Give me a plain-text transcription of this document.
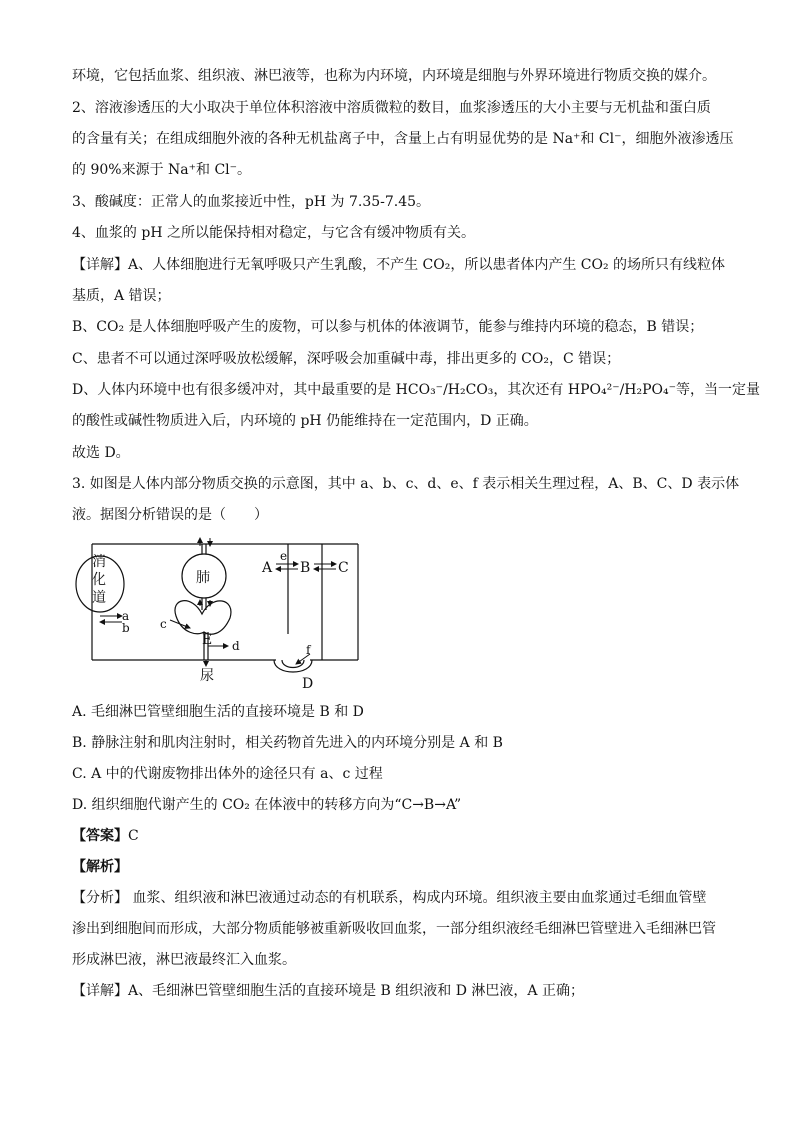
环境，它包括血浆、组织液、淋巴液等，也称为内环境，内环境是细胞与外界环境进行物质交换的媒介。
2、溶液渗透压的大小取决于单位体积溶液中溶质微粒的数目，血浆渗透压的大小主要与无机盐和蛋白质
的含量有关；在组成细胞外液的各种无机盐离子中，含量上占有明显优势的是 Na⁺和 Cl⁻，细胞外液渗透压
的 90%来源于 Na⁺和 Cl⁻。
3、酸碱度：正常人的血浆接近中性，pH 为 7.35-7.45。
4、血浆的 pH 之所以能保持相对稳定，与它含有缓冲物质有关。
【详解】A、人体细胞进行无氧呼吸只产生乳酸，不产生 CO₂，所以患者体内产生 CO₂ 的场所只有线粒体
基质，A 错误；
B、CO₂ 是人体细胞呼吸产生的废物，可以参与机体的体液调节，能参与维持内环境的稳态，B 错误；
C、患者不可以通过深呼吸放松缓解，深呼吸会加重碱中毒，排出更多的 CO₂，C 错误；
D、人体内环境中也有很多缓冲对，其中最重要的是 HCO₃⁻/H₂CO₃，其次还有 HPO₄²⁻/H₂PO₄⁻等，当一定量
的酸性或碱性物质进入后，内环境的 pH 仍能维持在一定范围内，D 正确。
故选 D。
3. 如图是人体内部分物质交换的示意图，其中 a、b、c、d、e、f 表示相关生理过程，A、B、C、D 表示体
液。据图分析错误的是（　　）
消
化
道
肺
E
尿
A B C
D
a
b	c
d
e
f
A. 毛细淋巴管壁细胞生活的直接环境是 B 和 D
B. 静脉注射和肌肉注射时，相关药物首先进入的内环境分别是 A 和 B
C. A 中的代谢废物排出体外的途径只有 a、c 过程
D. 组织细胞代谢产生的 CO₂ 在体液中的转移方向为“C→B→A”
【答案】C
【解析】
【分析】 血浆、组织液和淋巴液通过动态的有机联系，构成内环境。组织液主要由血浆通过毛细血管壁
渗出到细胞间而形成，大部分物质能够被重新吸收回血浆，一部分组织液经毛细淋巴管壁进入毛细淋巴管
形成淋巴液，淋巴液最终汇入血浆。
【详解】A、毛细淋巴管壁细胞生活的直接环境是 B 组织液和 D 淋巴液，A 正确；
